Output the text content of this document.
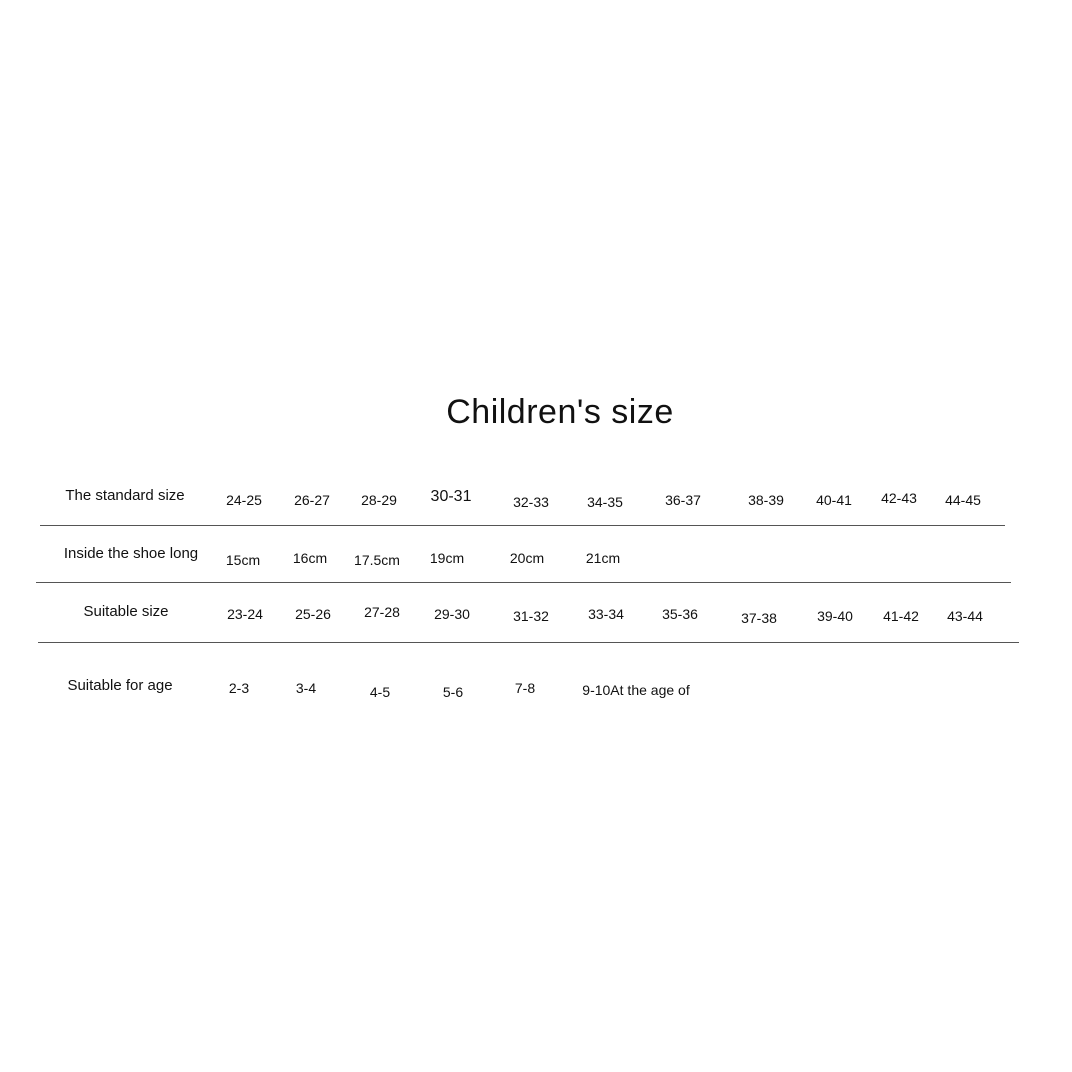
Children's size
The standard size	24-25 26-27 28-29 30-31	32-33	34-35	36-37	38-39 40-41 42-43 44-45
Inside the shoe long 15cm 16cm 17.5cm 19cm	20cm	21cm
Suitable size	23-24 25-26 27-28 29-30	31-32	33-34	35-36	37-38	39-40 41-42 43-44
Suitable for age	2-3	3-4	4-5	5-6	7-8	9-10At the age of
